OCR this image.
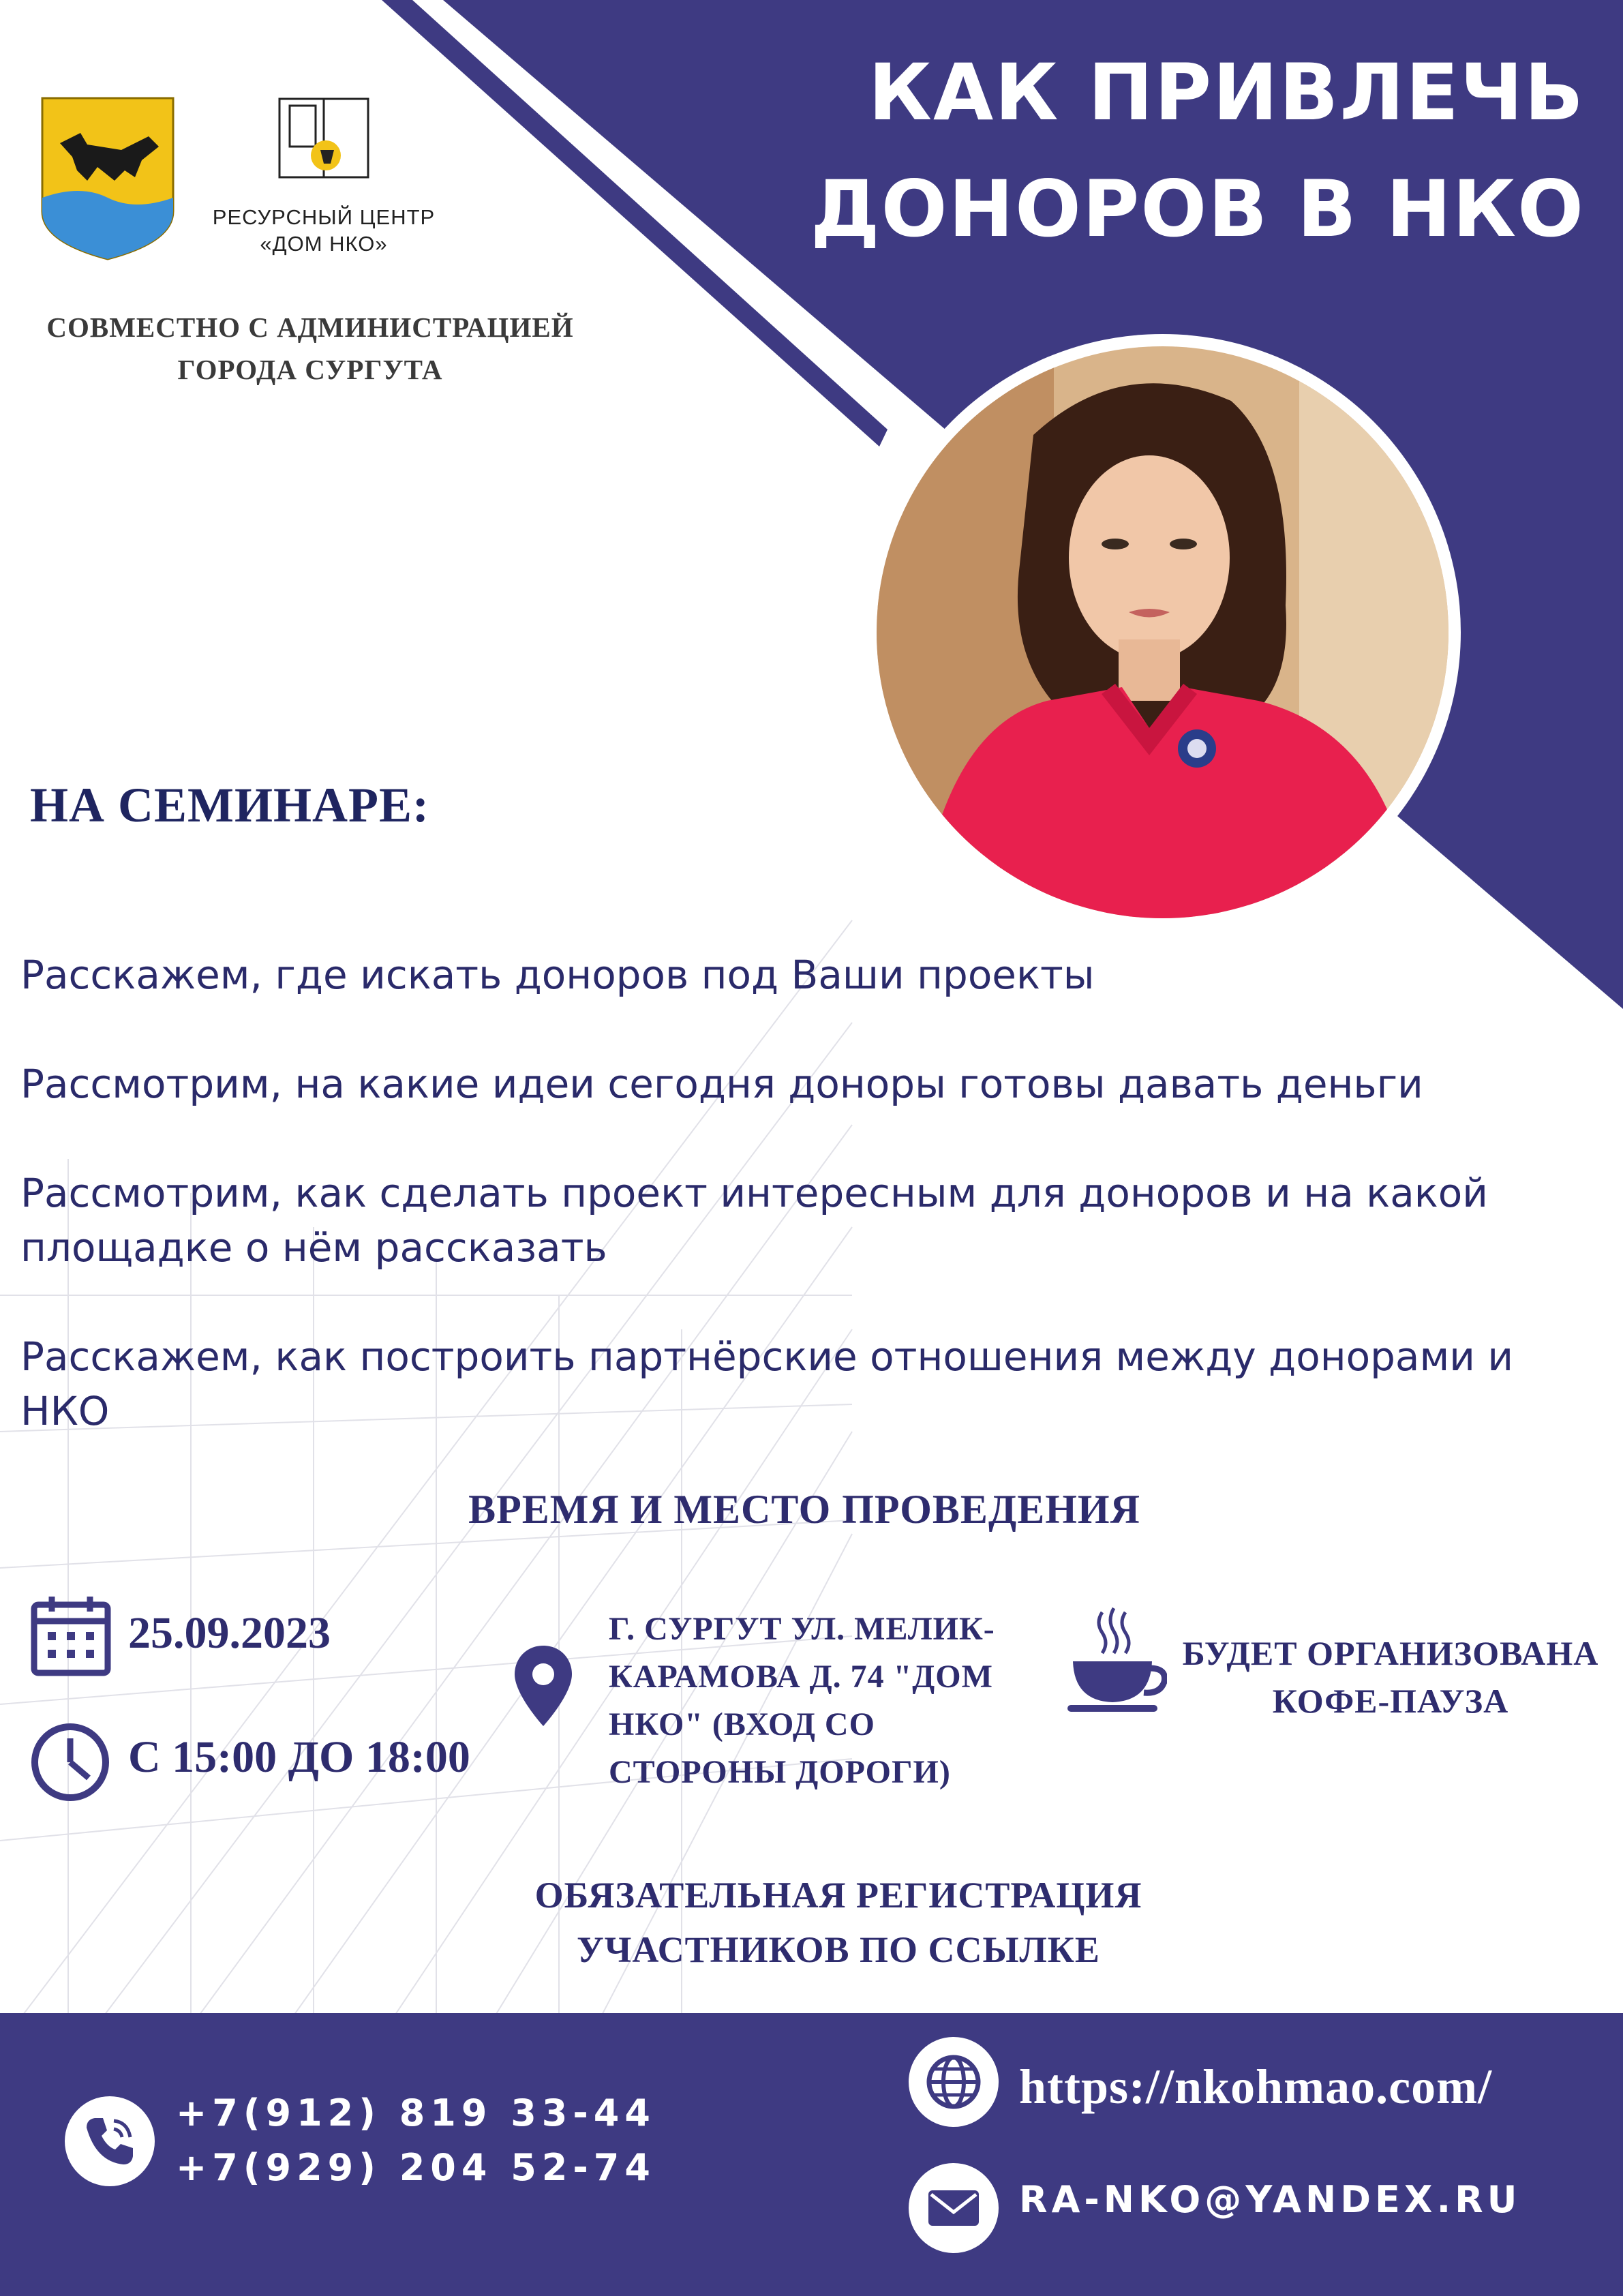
РЕСУРСНЫЙ ЦЕНТР
«ДОМ НКО»
СОВМЕСТНО С АДМИНИСТРАЦИЕЙ
ГОРОДА СУРГУТА
КАК ПРИВЛЕЧЬ
ДОНОРОВ В НКО
НА СЕМИНАРЕ:
Расскажем, где искать доноров под Ваши проекты
Рассмотрим, на какие идеи сегодня доноры готовы давать деньги
Рассмотрим, как сделать проект интересным для доноров и на какой площадке о нём рассказать
Расскажем, как построить партнёрские отношения между донорами и НКО
ВРЕМЯ И МЕСТО ПРОВЕДЕНИЯ
25.09.2023
С 15:00 ДО 18:00
Г. СУРГУТ УЛ. МЕЛИК-КАРАМОВА Д. 74 "ДОМ НКО" (ВХОД СО СТОРОНЫ ДОРОГИ)
БУДЕТ ОРГАНИЗОВАНА
КОФЕ-ПАУЗА
ОБЯЗАТЕЛЬНАЯ РЕГИСТРАЦИЯ
УЧАСТНИКОВ ПО ССЫЛКЕ
+7(912) 819 33-44
+7(929) 204 52-74
https://nkohmao.com/
RA-NKO@YANDEX.RU
